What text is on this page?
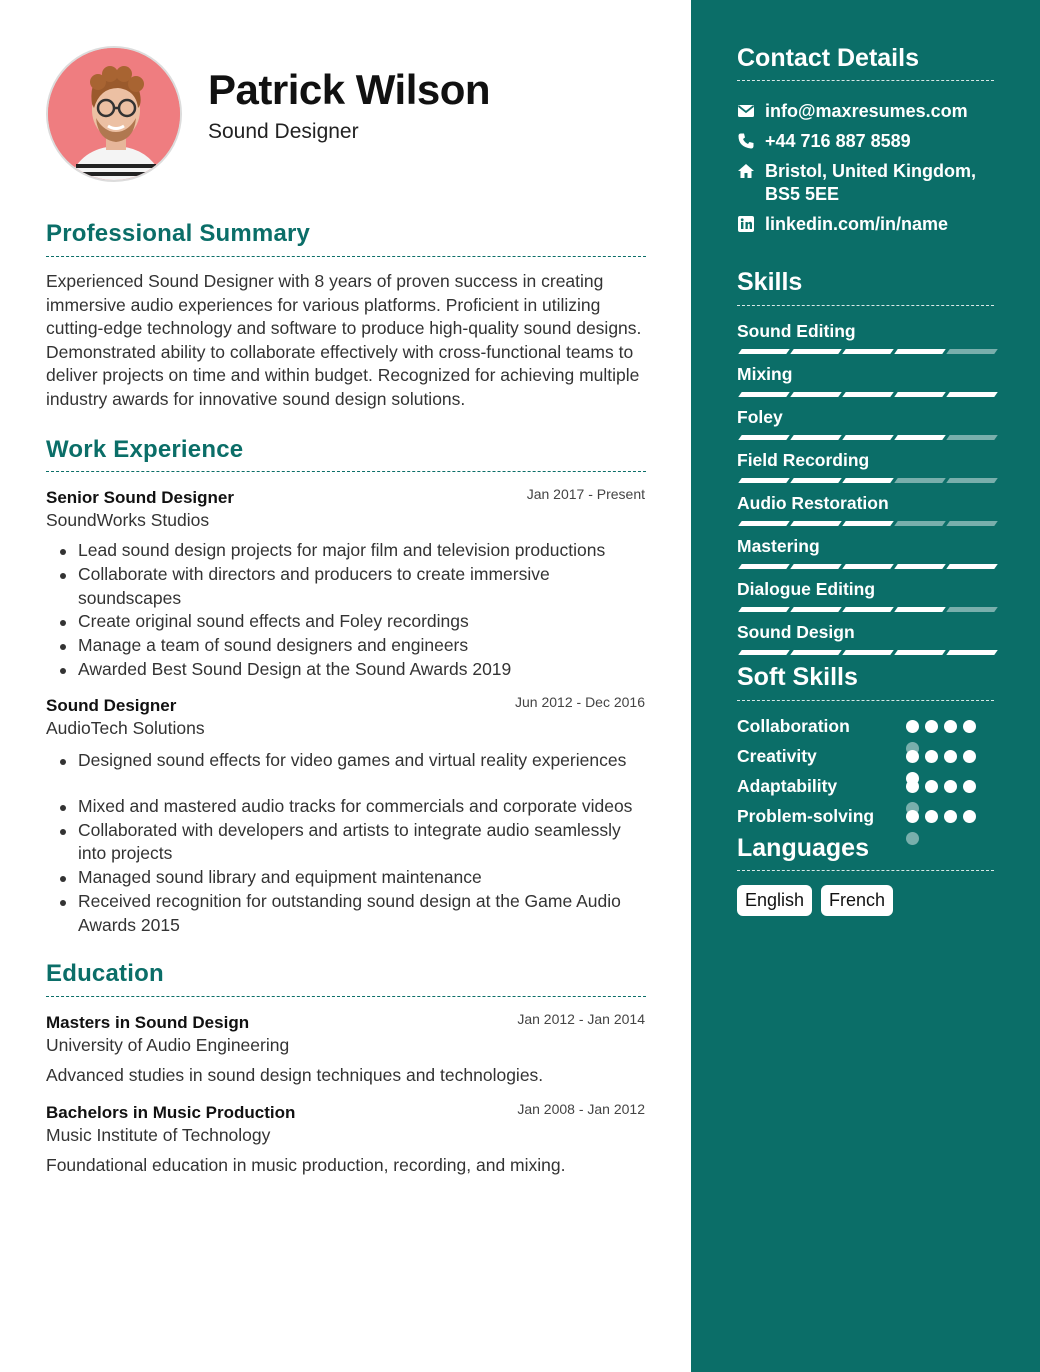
Patrick Wilson
Sound Designer
Professional Summary
Experienced Sound Designer with 8 years of proven success in creating immersive audio experiences for various platforms. Proficient in utilizing cutting-edge technology and software to produce high-quality sound designs. Demonstrated ability to collaborate effectively with cross-functional teams to deliver projects on time and within budget. Recognized for achieving multiple industry awards for innovative sound design solutions.
Work Experience
Senior Sound Designer	Jan 2017 - Present
SoundWorks Studios
Lead sound design projects for major film and television productions
Collaborate with directors and producers to create immersive soundscapes
Create original sound effects and Foley recordings
Manage a team of sound designers and engineers
Awarded Best Sound Design at the Sound Awards 2019
Sound Designer	Jun 2012 - Dec 2016
AudioTech Solutions
Designed sound effects for video games and virtual reality experiences
Mixed and mastered audio tracks for commercials and corporate videos
Collaborated with developers and artists to integrate audio seamlessly into projects
Managed sound library and equipment maintenance
Received recognition for outstanding sound design at the Game Audio Awards 2015
Education
Masters in Sound Design	Jan 2012 - Jan 2014
University of Audio Engineering
Advanced studies in sound design techniques and technologies.
Bachelors in Music Production	Jan 2008 - Jan 2012
Music Institute of Technology
Foundational education in music production, recording, and mixing.
Contact Details
info@maxresumes.com
+44 716 887 8589
Bristol, United Kingdom, BS5 5EE
linkedin.com/in/name
Skills
Sound Editing
Mixing
Foley
Field Recording
Audio Restoration
Mastering
Dialogue Editing
Sound Design
Soft Skills
Collaboration
Creativity
Adaptability
Problem-solving
Languages
English	French
